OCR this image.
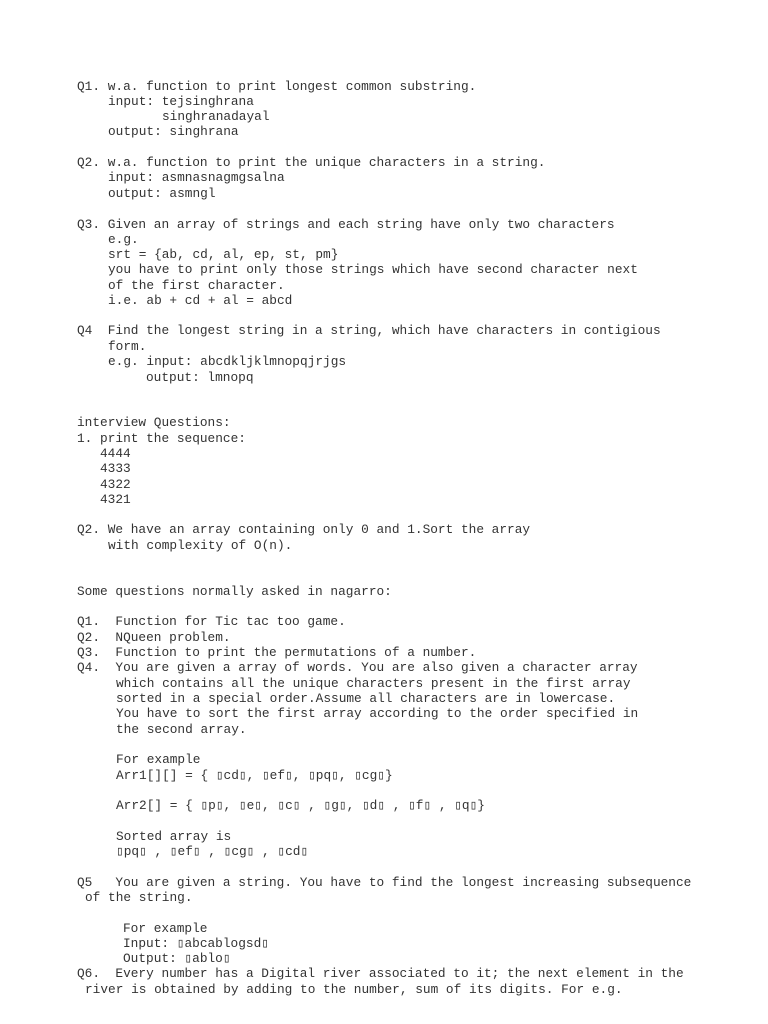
Q1. w.a. function to print longest common substring.

input: tejsinghrana

singhranadayal

output: singhrana

Q2. w.a. function to print the unique characters in a string.

input: asmnasnagmgsalna

output: asmngl

Q3. Given an array of strings and each string have only two characters

e.g.

srt = {ab, cd, al, ep, st, pm}

you have to print only those strings which have second character next

of the first character.

i.e. ab + cd + al = abcd

Q4  Find the longest string in a string, which have characters in contigious

form.

e.g. input: abcdkljklmnopqjrjgs

output: lmnopq

interview Questions:

1. print the sequence:

4444

4333

4322

4321

Q2. We have an array containing only 0 and 1.Sort the array

with complexity of O(n).

Some questions normally asked in nagarro:

Q1.  Function for Tic tac too game.

Q2.  NQueen problem.

Q3.  Function to print the permutations of a number.

Q4.  You are given a array of words. You are also given a character array

which contains all the unique characters present in the first array

sorted in a special order.Assume all characters are in lowercase.

You have to sort the first array according to the order specified in

the second array.

For example

Arr1[][] = { ▯cd▯, ▯ef▯, ▯pq▯, ▯cg▯}

Arr2[] = { ▯p▯, ▯e▯, ▯c▯ , ▯g▯, ▯d▯ , ▯f▯ , ▯q▯}

Sorted array is

▯pq▯ , ▯ef▯ , ▯cg▯ , ▯cd▯

Q5   You are given a string. You have to find the longest increasing subsequence

of the string.

For example

Input: ▯abcablogsd▯

Output: ▯ablo▯

Q6.  Every number has a Digital river associated to it; the next element in the

river is obtained by adding to the number, sum of its digits. For e.g.
